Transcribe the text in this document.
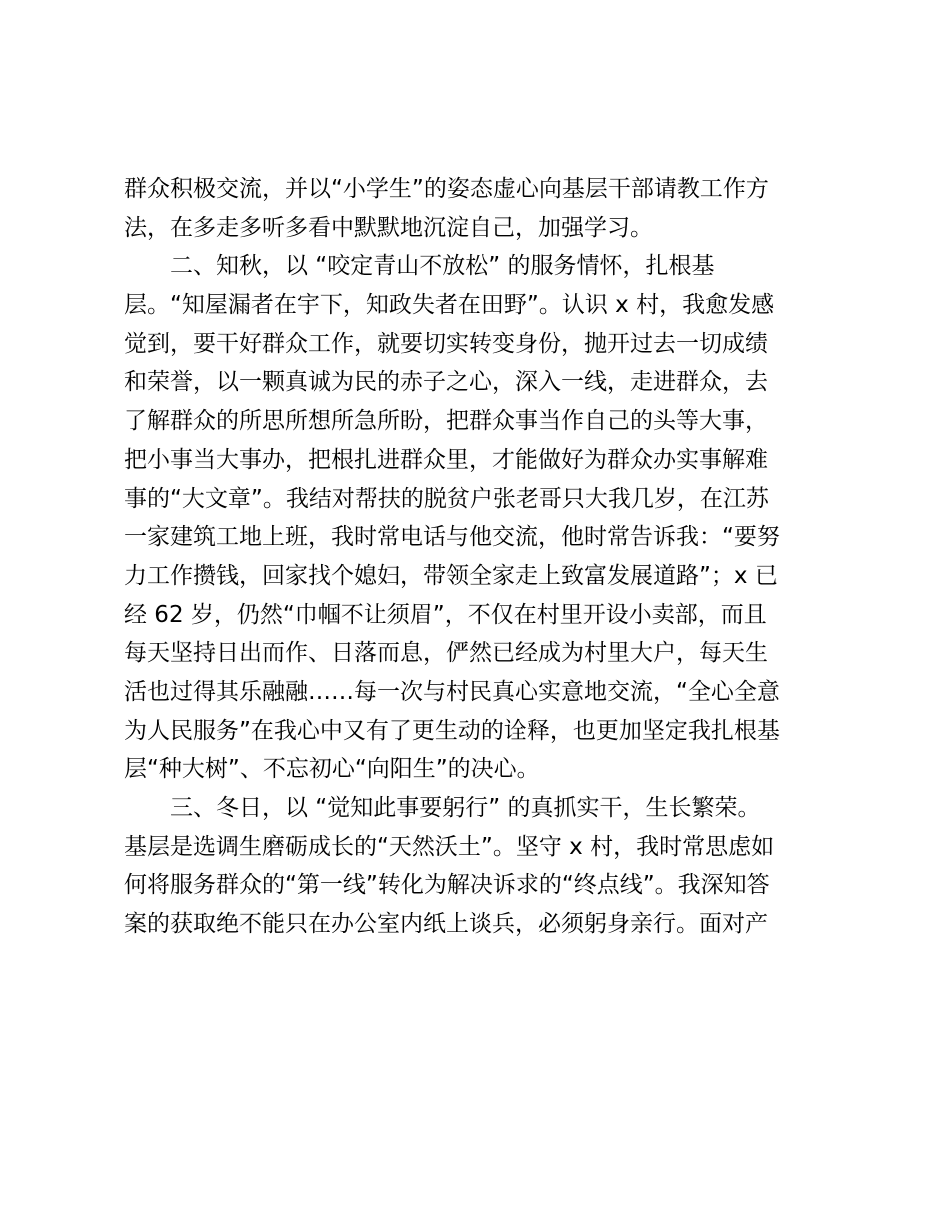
群众积极交流，并以“小学生”的姿态虚心向基层干部请教工作方
法，在多走多听多看中默默地沉淀自己，加强学习。
二、知秋，以 “咬定青山不放松” 的服务情怀，扎根基
层。“知屋漏者在宇下，知政失者在田野”。认识 x 村，我愈发感
觉到，要干好群众工作，就要切实转变身份，抛开过去一切成绩
和荣誉，以一颗真诚为民的赤子之心，深入一线，走进群众，去
了解群众的所思所想所急所盼，把群众事当作自己的头等大事，
把小事当大事办，把根扎进群众里，才能做好为群众办实事解难
事的“大文章”。我结对帮扶的脱贫户张老哥只大我几岁，在江苏
一家建筑工地上班，我时常电话与他交流，他时常告诉我：“要努
力工作攒钱，回家找个媳妇，带领全家走上致富发展道路”；x 已
经 62 岁，仍然“巾帼不让须眉”，不仅在村里开设小卖部，而且
每天坚持日出而作、日落而息，俨然已经成为村里大户，每天生
活也过得其乐融融……每一次与村民真心实意地交流，“全心全意
为人民服务”在我心中又有了更生动的诠释，也更加坚定我扎根基
层“种大树”、不忘初心“向阳生”的决心。
三、冬日，以 “觉知此事要躬行” 的真抓实干，生长繁荣。
基层是选调生磨砺成长的“天然沃土”。坚守 x 村，我时常思虑如
何将服务群众的“第一线”转化为解决诉求的“终点线”。我深知答
案的获取绝不能只在办公室内纸上谈兵，必须躬身亲行。面对产
